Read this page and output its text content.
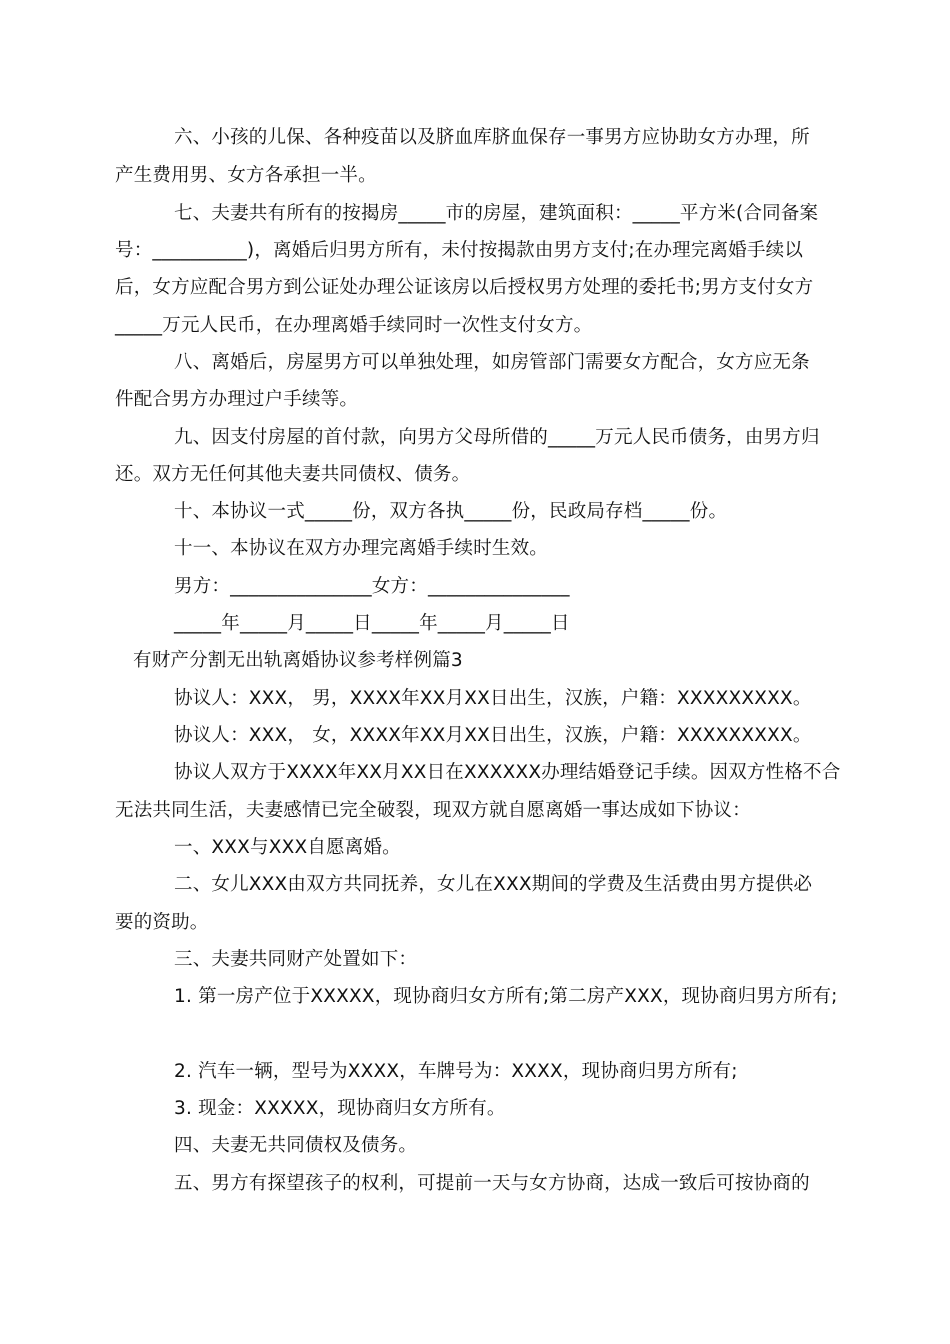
六、小孩的儿保、各种疫苗以及脐血库脐血保存一事男方应协助女方办理，所
产生费用男、女方各承担一半。
七、夫妻共有所有的按揭房_____市的房屋，建筑面积：_____平方米(合同备案
号：__________)，离婚后归男方所有，未付按揭款由男方支付;在办理完离婚手续以
后，女方应配合男方到公证处办理公证该房以后授权男方处理的委托书;男方支付女方
_____万元人民币，在办理离婚手续同时一次性支付女方。
八、离婚后，房屋男方可以单独处理，如房管部门需要女方配合，女方应无条
件配合男方办理过户手续等。
九、因支付房屋的首付款，向男方父母所借的_____万元人民币债务，由男方归
还。双方无任何其他夫妻共同债权、债务。
十、本协议一式_____份，双方各执_____份，民政局存档_____份。
十一、本协议在双方办理完离婚手续时生效。
男方：_______________女方：_______________
_____年_____月_____日_____年_____月_____日
有财产分割无出轨离婚协议参考样例篇3
协议人：XXX， 男，XXXX年XX月XX日出生，汉族，户籍：XXXXXXXXX。
协议人：XXX， 女，XXXX年XX月XX日出生，汉族，户籍：XXXXXXXXX。
协议人双方于XXXX年XX月XX日在XXXXXX办理结婚登记手续。因双方性格不合
无法共同生活，夫妻感情已完全破裂，现双方就自愿离婚一事达成如下协议：
一、XXX与XXX自愿离婚。
二、女儿XXX由双方共同抚养，女儿在XXX期间的学费及生活费由男方提供必
要的资助。
三、夫妻共同财产处置如下：
1. 第一房产位于XXXXX，现协商归女方所有;第二房产XXX，现协商归男方所有;
2. 汽车一辆，型号为XXXX，车牌号为：XXXX，现协商归男方所有;
3. 现金：XXXXX，现协商归女方所有。
四、夫妻无共同债权及债务。
五、男方有探望孩子的权利，可提前一天与女方协商，达成一致后可按协商的
